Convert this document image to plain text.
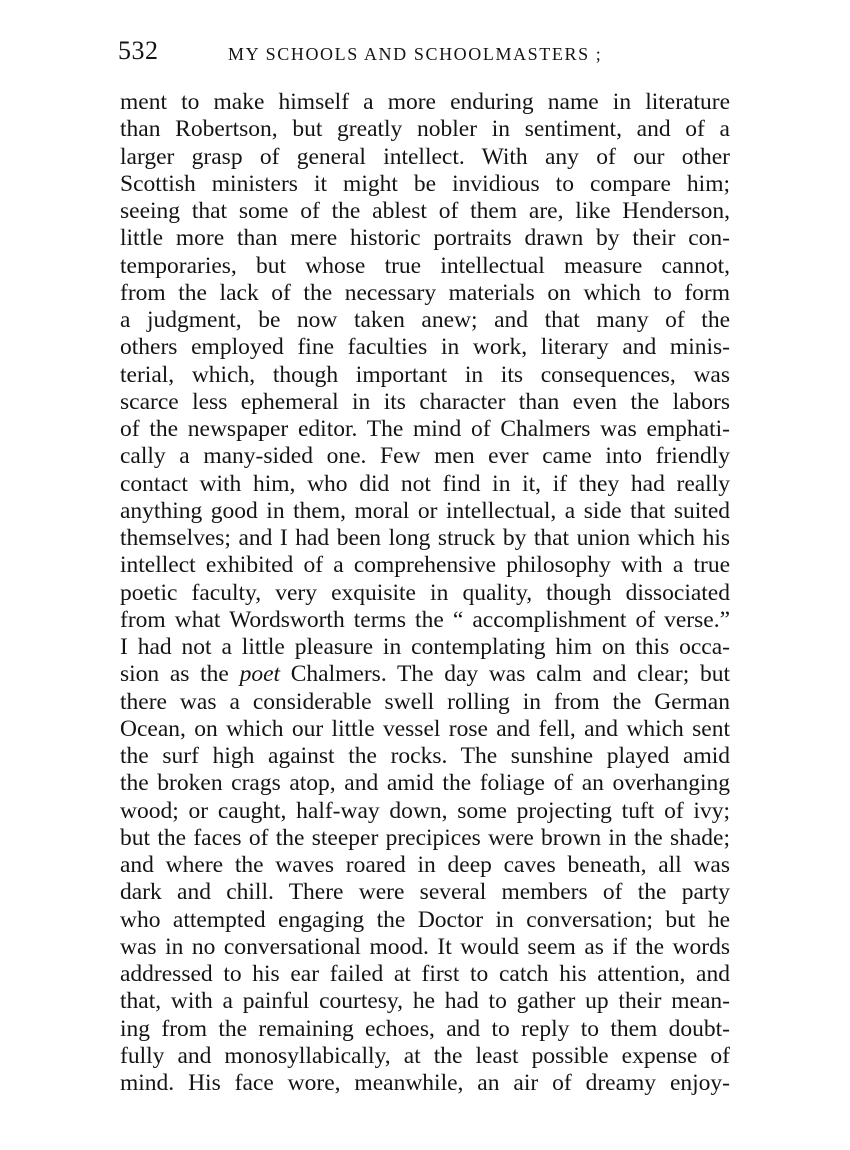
532	MY SCHOOLS AND SCHOOLMASTERS ;
ment to make himself a more enduring name in literature
than Robertson, but greatly nobler in sentiment, and of a
larger grasp of general intellect. With any of our other
Scottish ministers it might be invidious to compare him;
seeing that some of the ablest of them are, like Henderson,
little more than mere historic portraits drawn by their con-
temporaries, but whose true intellectual measure cannot,
from the lack of the necessary materials on which to form
a judgment, be now taken anew; and that many of the
others employed fine faculties in work, literary and minis-
terial, which, though important in its consequences, was
scarce less ephemeral in its character than even the labors
of the newspaper editor. The mind of Chalmers was emphati-
cally a many-sided one. Few men ever came into friendly
contact with him, who did not find in it, if they had really
anything good in them, moral or intellectual, a side that suited
themselves; and I had been long struck by that union which his
intellect exhibited of a comprehensive philosophy with a true
poetic faculty, very exquisite in quality, though dissociated
from what Wordsworth terms the “ accomplishment of verse.”
I had not a little pleasure in contemplating him on this occa-
sion as the poet Chalmers. The day was calm and clear; but
there was a considerable swell rolling in from the German
Ocean, on which our little vessel rose and fell, and which sent
the surf high against the rocks. The sunshine played amid
the broken crags atop, and amid the foliage of an overhanging
wood; or caught, half-way down, some projecting tuft of ivy;
but the faces of the steeper precipices were brown in the shade;
and where the waves roared in deep caves beneath, all was
dark and chill. There were several members of the party
who attempted engaging the Doctor in conversation; but he
was in no conversational mood. It would seem as if the words
addressed to his ear failed at first to catch his attention, and
that, with a painful courtesy, he had to gather up their mean-
ing from the remaining echoes, and to reply to them doubt-
fully and monosyllabically, at the least possible expense of
mind. His face wore, meanwhile, an air of dreamy enjoy-
